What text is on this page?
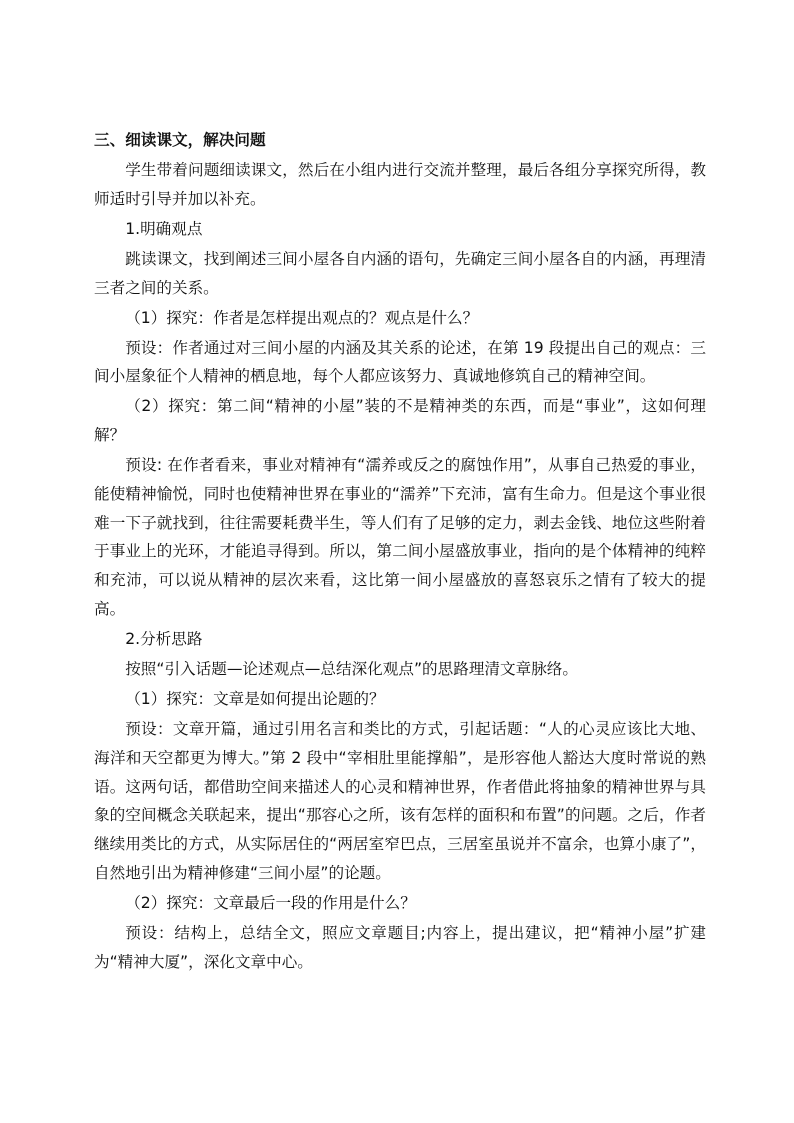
三、细读课文，解决问题

学生带着问题细读课文，然后在小组内进行交流并整理，最后各组分享探究所得，教师适时引导并加以补充。

1.明确观点

跳读课文，找到阐述三间小屋各自内涵的语句，先确定三间小屋各自的内涵，再理清三者之间的关系。

（1）探究：作者是怎样提出观点的？观点是什么？

预设：作者通过对三间小屋的内涵及其关系的论述，在第 19 段提出自己的观点：三间小屋象征个人精神的栖息地，每个人都应该努力、真诚地修筑自己的精神空间。

（2）探究：第二间“精神的小屋”装的不是精神类的东西，而是“事业”，这如何理解？

预设: 在作者看来，事业对精神有“濡养或反之的腐蚀作用”，从事自己热爱的事业，能使精神愉悦，同时也使精神世界在事业的“濡养”下充沛，富有生命力。但是这个事业很难一下子就找到，往往需要耗费半生，等人们有了足够的定力，剥去金钱、地位这些附着于事业上的光环，才能追寻得到。所以，第二间小屋盛放事业，指向的是个体精神的纯粹和充沛，可以说从精神的层次来看，这比第一间小屋盛放的喜怒哀乐之情有了较大的提高。

2.分析思路

按照“引入话题—论述观点—总结深化观点”的思路理清文章脉络。

（1）探究：文章是如何提出论题的？

预设：文章开篇，通过引用名言和类比的方式，引起话题：“人的心灵应该比大地、海洋和天空都更为博大。”第 2 段中“宰相肚里能撑船”，是形容他人豁达大度时常说的熟语。这两句话，都借助空间来描述人的心灵和精神世界，作者借此将抽象的精神世界与具象的空间概念关联起来，提出“那容心之所，该有怎样的面积和布置”的问题。之后，作者继续用类比的方式，从实际居住的“两居室窄巴点，三居室虽说并不富余，也算小康了”，自然地引出为精神修建“三间小屋”的论题。

（2）探究：文章最后一段的作用是什么？

预设：结构上，总结全文，照应文章题目;内容上，提出建议，把“精神小屋”扩建为“精神大厦”，深化文章中心。
